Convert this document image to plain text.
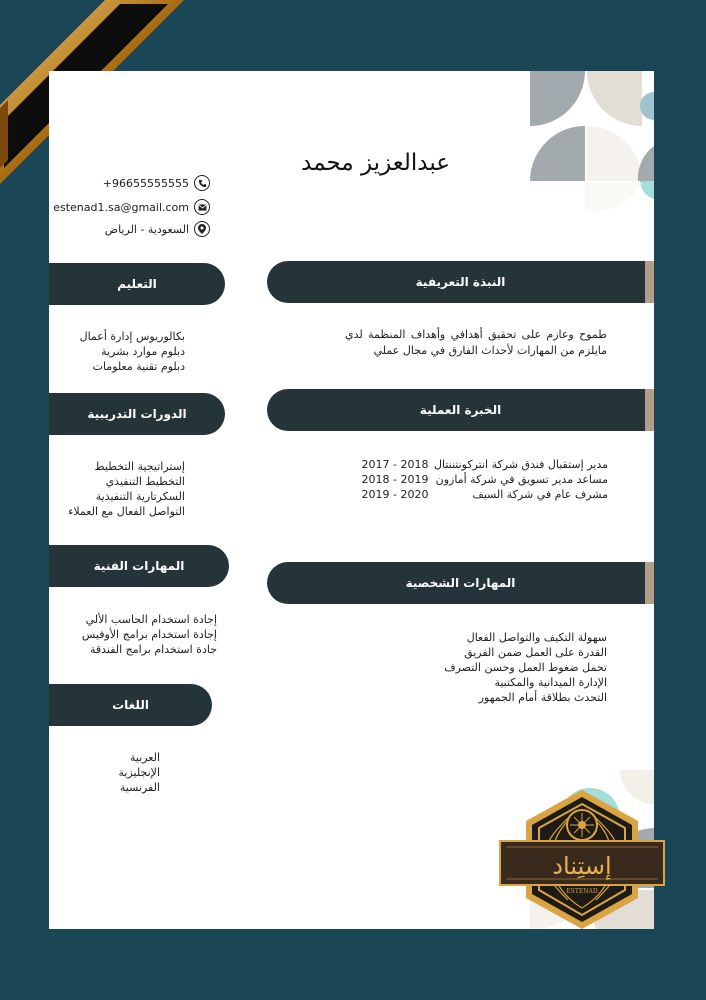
عبدالعزيز محمد
+96655555555
estenad1.sa@gmail.com
السعودية - الرياض
التعليم
بكالوريوس إدارة أعمال
دبلوم موارد بشرية
دبلوم تقنية معلومات
الدورات التدريبية
إستراتيجية التخطيط
التخطيط التنفيذي
السكرتارية التنفيذية
التواصل الفعال مع العملاء
المهارات الفنية
إجادة استخدام الحاسب الألي
إجادة استخدام برامج الأوفيس
جادة استخدام برامج الفندقة
اللغات
العربية
الإنجليزية
الفرنسية
النبذة التعريفية
طموح وعازم على تحقيق أهدافي وأهداف المنظمة لدي مايلزم من المهارات لأحداث الفارق في مجال عملي
الخبرة العملية
2017 - 2018 مدير إستقبال فندق شركة انتركونتننتال
2018 - 2019 مساعد مدير تسويق في شركة أمازون
2019 - 2020	مشرف عام في شركة السيف
المهارات الشخصية
سهولة التكيف والتواصل الفعال
القدرة على العمل ضمن الفريق
تحمل ضغوط العمل وحسن التصرف
الإدارة الميدانية والمكتبية
التحدث بطلاقة أمام الجمهور
إستِناد
ESTENAD
